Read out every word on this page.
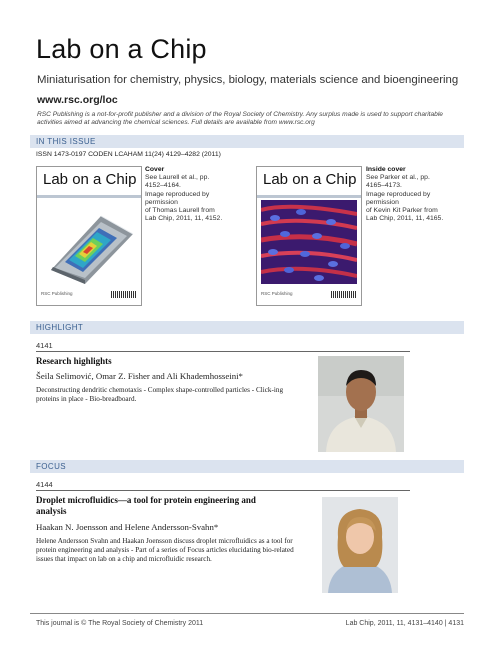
Lab on a Chip
Miniaturisation for chemistry, physics, biology, materials science and bioengineering
www.rsc.org/loc
RSC Publishing is a not-for-profit publisher and a division of the Royal Society of Chemistry. Any surplus made is used to support charitable activities aimed at advancing the chemical sciences. Full details are available from www.rsc.org
IN THIS ISSUE
ISSN 1473-0197 CODEN LCAHAM 11(24) 4129–4282 (2011)
Lab on a Chip
RSC Publishing
Cover
See Laurell et al., pp. 4152–4164.
Image reproduced by permission
of Thomas Laurell from
Lab Chip, 2011, 11, 4152.
Lab on a Chip
RSC Publishing
Inside cover
See Parker et al., pp. 4165–4173.
Image reproduced by permission
of Kevin Kit Parker from
Lab Chip, 2011, 11, 4165.
HIGHLIGHT
4141
Research highlights
Šeila Selimović, Omar Z. Fisher and Ali Khademhosseini*
Deconstructing dendritic chemotaxis - Complex shape-controlled particles - Click-ing proteins in place - Bio-breadboard.
FOCUS
4144
Droplet microfluidics—a tool for protein engineering and
analysis
Haakan N. Joensson and Helene Andersson-Svahn*
Helene Andersson Svahn and Haakan Joensson discuss droplet microfluidics as a tool for protein engineering and analysis - Part of a series of Focus articles elucidating bio-related issues that impact on lab on a chip and microfluidic research.
This journal is © The Royal Society of Chemistry 2011	Lab Chip, 2011, 11, 4131–4140 | 4131
